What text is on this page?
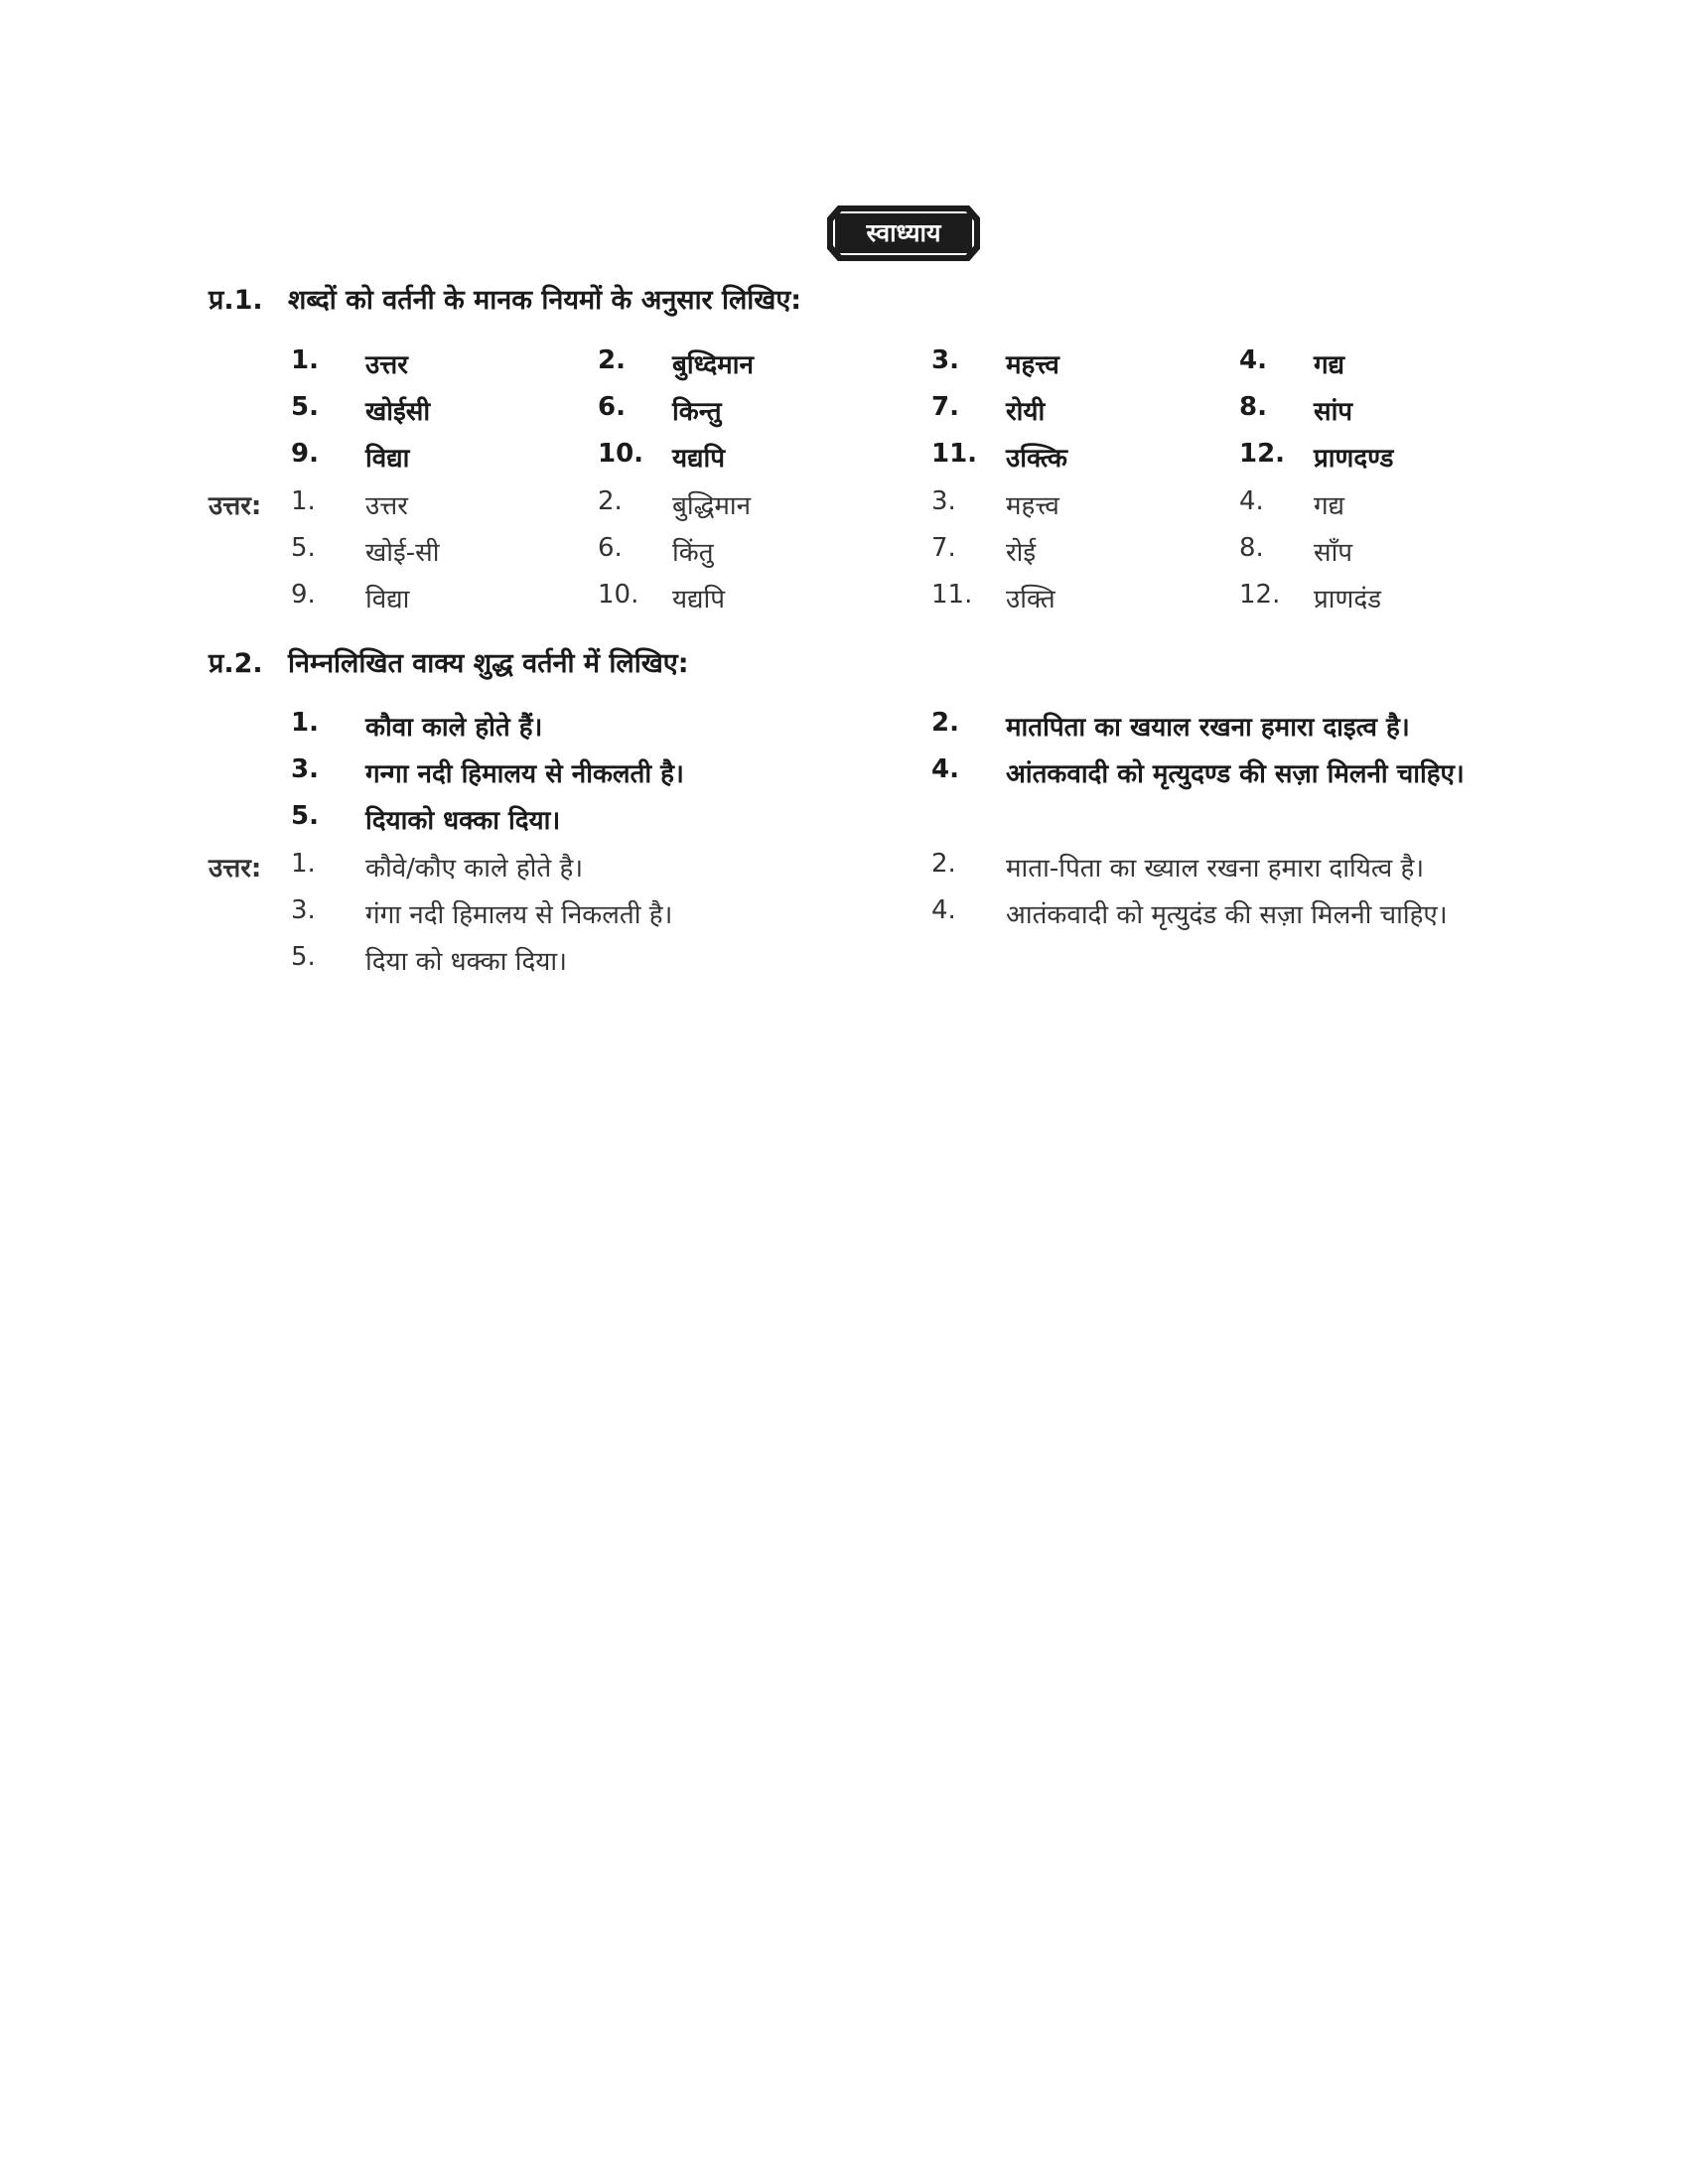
स्वाध्याय
प्र.1. शब्दों को वर्तनी के मानक नियमों के अनुसार लिखिए:
1. उत्तर	2. बुध्दिमान	3. महत्त्व	4. गद्य
5. खोईसी	6. किन्तु	7. रोयी	8. सांप
9. विद्या	10. यद्यपि	11. उक्त्कि	12. प्राणदण्ड
उत्तर: 1. उत्तर	2. बुद्धिमान	3. महत्त्व	4. गद्य
5. खोई-सी	6. किंतु	7. रोई	8. साँप
9. विद्या	10. यद्यपि	11. उक्ति	12. प्राणदंड
प्र.2. निम्नलिखित वाक्य शुद्ध वर्तनी में लिखिए:
1. कौवा काले होते हैं।	2. मातपिता का खयाल रखना हमारा दाइत्व है।
3. गन्गा नदी हिमालय से नीकलती है।	4. आंतकवादी को मृत्युदण्ड की सज़ा मिलनी चाहिए।
5. दियाको धक्का दिया।
उत्तर: 1. कौवे/कौए काले होते है।	2. माता-पिता का ख्याल रखना हमारा दायित्व है।
3. गंगा नदी हिमालय से निकलती है।	4. आतंकवादी को मृत्युदंड की सज़ा मिलनी चाहिए।
5. दिया को धक्का दिया।
